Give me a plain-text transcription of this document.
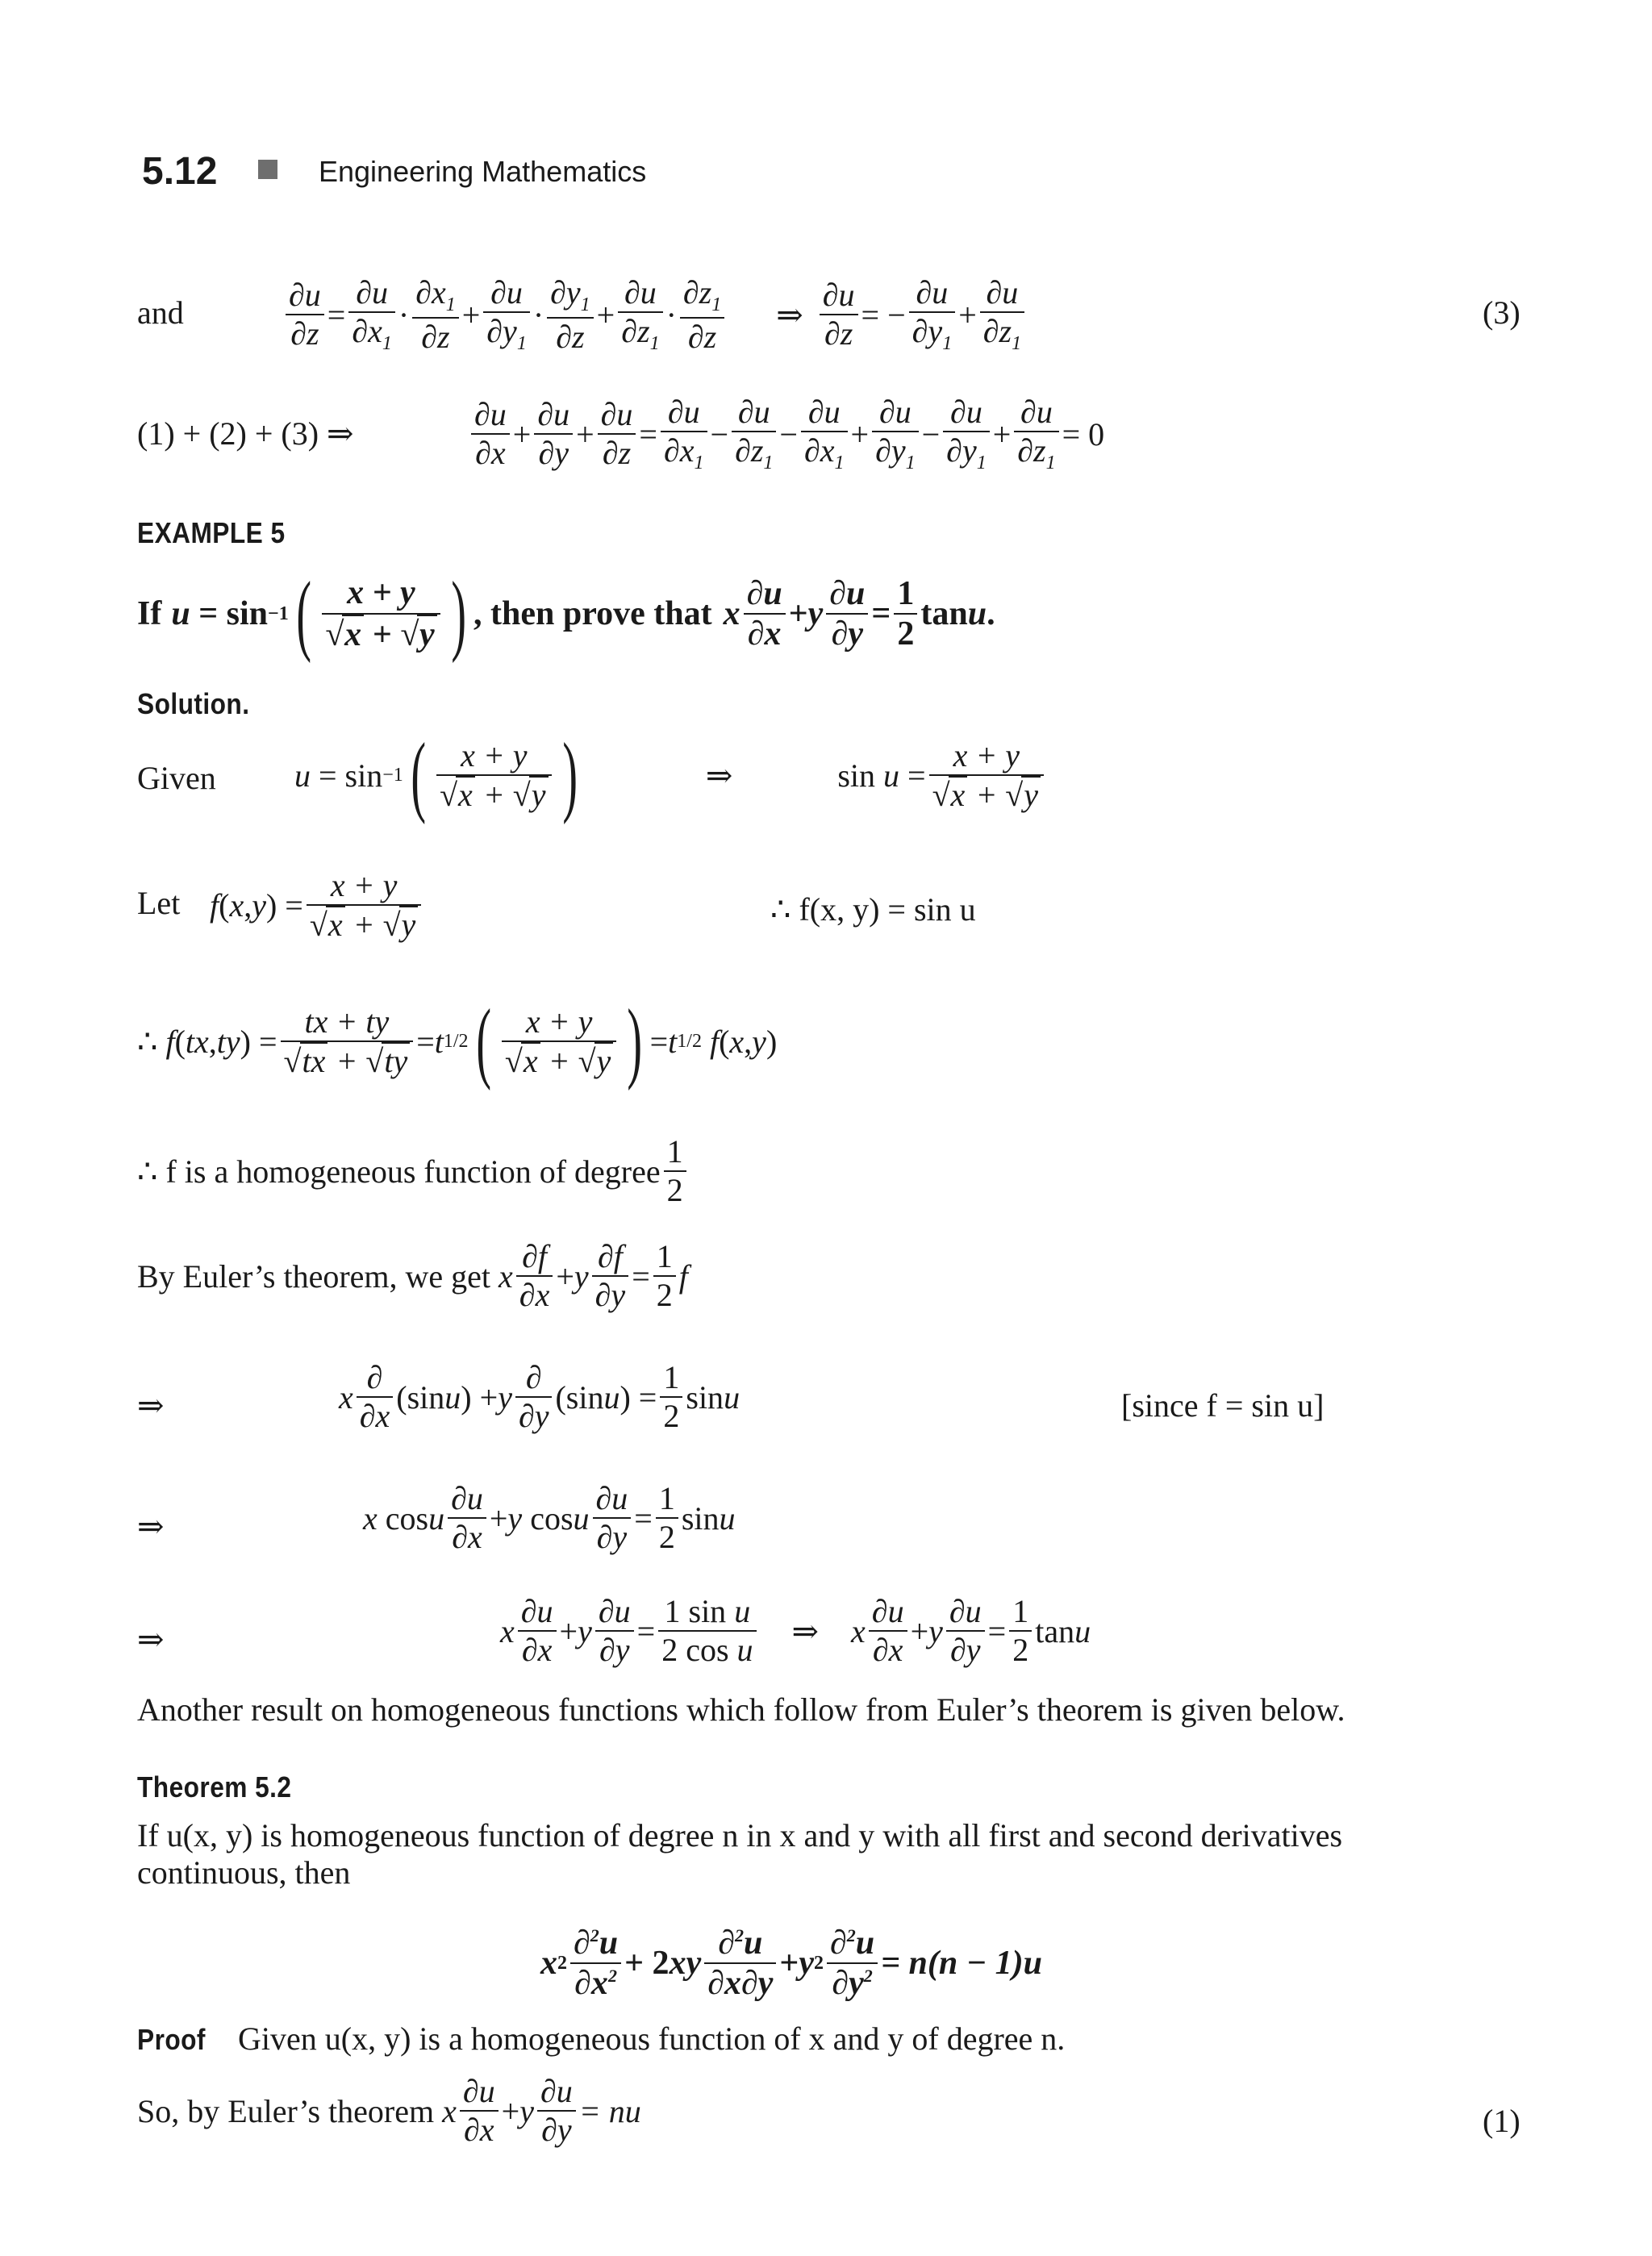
5.12	Engineering Mathematics
and	$\frac{\partial u}{\partial z} = \frac{\partial u}{\partial x_1} \cdot \frac{\partial x_1}{\partial z} + \frac{\partial u}{\partial y_1} \cdot \frac{\partial y_1}{\partial z} + \frac{\partial u}{\partial z_1} \cdot \frac{\partial z_1}{\partial z}$ ⇒ $\frac{\partial u}{\partial z}$ = − $\frac{\partial u}{\partial y_1} + \frac{\partial u}{\partial z_1}$	(3)
(1) + (2) + (3) ⇒	$\frac{\partial u}{\partial x} + \frac{\partial u}{\partial y} + \frac{\partial u}{\partial z} = \frac{\partial u}{\partial x_1} - \frac{\partial u}{\partial z_1} - \frac{\partial u}{\partial x_1} + \frac{\partial u}{\partial y_1} - \frac{\partial u}{\partial y_1} + \frac{\partial u}{\partial z_1} = 0$
EXAMPLE 5
If u = sin −1 ( $\frac{x + y}{√x + √y}$ ) , then prove that x $\frac{\partial u}{\partial x} + y \frac{\partial u}{\partial y} = \frac{1}{2}$ tan u .
Solution.
Given u = sin −1 ( $\frac{x + y}{√x + √y}$ )	⇒	sin
$u = \frac{x + y}{√x + √y}$
Let f ( x , y ) = $\frac{x + y}{√x + √y}$	∴ f(x, y) = sin u
∴ f ( tx , ty ) = $\frac{tx + ty}{√tx + √ty} = t$ 1/2 ( $\frac{x + y}{√x + √y}$ ) = t 1/2
f ( x , y )
∴ f is a homogeneous function of degree $\frac{1}{2}$
By Euler’s theorem, we get
x $\frac{\partial f}{\partial x} + y \frac{\partial f}{\partial y} = \frac{1}{2}$ f
⇒	x $\frac{\partial}{\partial x} (\sin$ u ) + y $\frac{\partial}{\partial y} (\sin$ u ) = $\frac{1}{2}$ sin u	[since f = sin u]
⇒	x cos u $\frac{\partial u}{\partial x} + y$ cos u $\frac{\partial u}{\partial y} = \frac{1}{2}$ sin u
⇒	x $\frac{\partial u}{\partial x} + y \frac{\partial u}{\partial y} = \frac{\text{1 sin u}}{\text{2 cos u}}$ ⇒ x $\frac{\partial u}{\partial x} + y \frac{\partial u}{\partial y} = \frac{1}{2}$ tan u
Another result on homogeneous functions which follow from Euler’s theorem is given below.
Theorem 5.2
If u(x, y) is homogeneous function of degree n in x and y with all first and second derivatives
continuous, then
x $2 \frac{\partial^2u}{\partial x^2} + 2$ xy $\frac{\partial^2u}{\partial x\partial y} + y$ $2 \frac{\partial^2u}{\partial y^2} = n(n - 1)u$
Proof Given u(x, y) is a homogeneous function of x and y of degree n.
So, by Euler’s theorem
x $\frac{\partial u}{\partial x} + y \frac{\partial u}{\partial y}$ = nu	(1)
